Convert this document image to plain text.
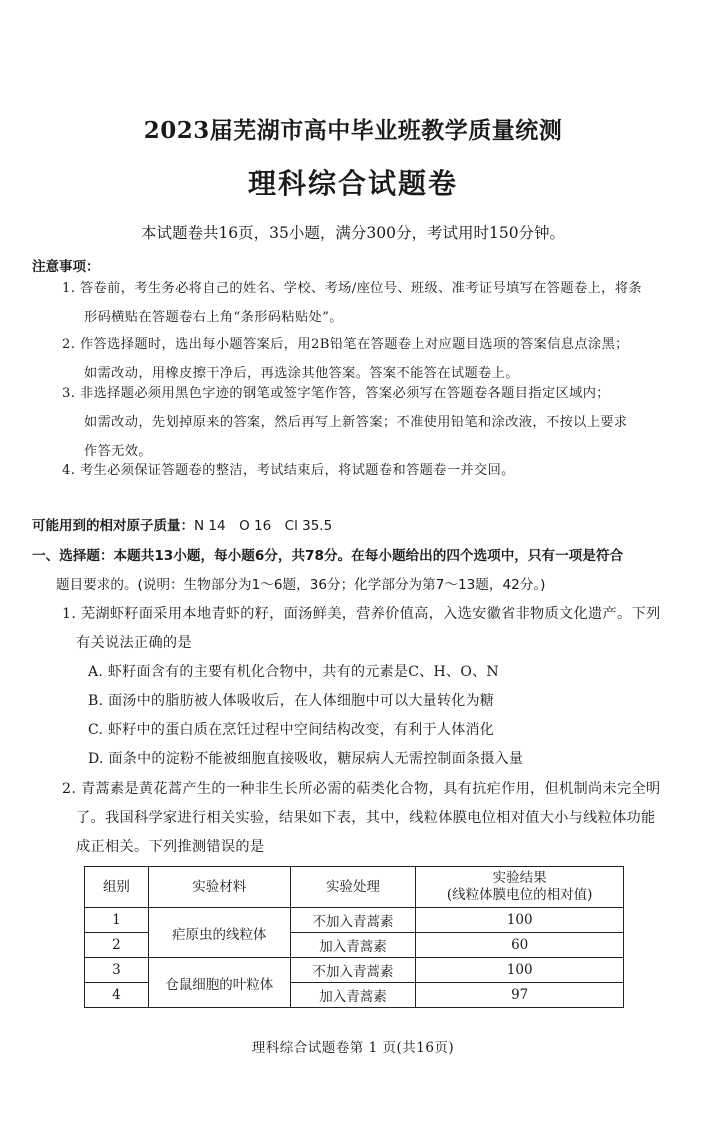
2023届芜湖市高中毕业班教学质量统测
理科综合试题卷
本试题卷共16页，35小题，满分300分，考试用时150分钟。
注意事项：
1. 答卷前，考生务必将自己的姓名、学校、考场/座位号、班级、准考证号填写在答题卷上，将条
形码横贴在答题卷右上角“条形码粘贴处”。
2. 作答选择题时，选出每小题答案后，用2B铅笔在答题卷上对应题目选项的答案信息点涂黑；
如需改动，用橡皮擦干净后，再选涂其他答案。答案不能答在试题卷上。
3. 非选择题必须用黑色字迹的钢笔或签字笔作答，答案必须写在答题卷各题目指定区域内；
如需改动，先划掉原来的答案，然后再写上新答案；不准使用铅笔和涂改液，不按以上要求
作答无效。
4. 考生必须保证答题卷的整洁，考试结束后，将试题卷和答题卷一并交回。
可能用到的相对原子质量：N 14　O 16　Cl 35.5
一、选择题：本题共13小题，每小题6分，共78分。在每小题给出的四个选项中，只有一项是符合
题目要求的。(说明：生物部分为1～6题，36分；化学部分为第7～13题，42分。)
1. 芜湖虾籽面采用本地青虾的籽，面汤鲜美，营养价值高，入选安徽省非物质文化遗产。下列
有关说法正确的是
A. 虾籽面含有的主要有机化合物中，共有的元素是C、H、O、N
B. 面汤中的脂肪被人体吸收后，在人体细胞中可以大量转化为糖
C. 虾籽中的蛋白质在烹饪过程中空间结构改变，有利于人体消化
D. 面条中的淀粉不能被细胞直接吸收，糖尿病人无需控制面条摄入量
2. 青蒿素是黄花蒿产生的一种非生长所必需的萜类化合物，具有抗疟作用，但机制尚未完全明
了。我国科学家进行相关实验，结果如下表，其中，线粒体膜电位相对值大小与线粒体功能
成正相关。下列推测错误的是
组别	实验材料	实验处理	实验结果
(线粒体膜电位的相对值)

1	疟原虫的线粒体	不加入青蒿素	100
2		加入青蒿素	60
3	仓鼠细胞的叶粒体	不加入青蒿素	100
4		加入青蒿素	97
理科综合试题卷第 1 页(共16页)
